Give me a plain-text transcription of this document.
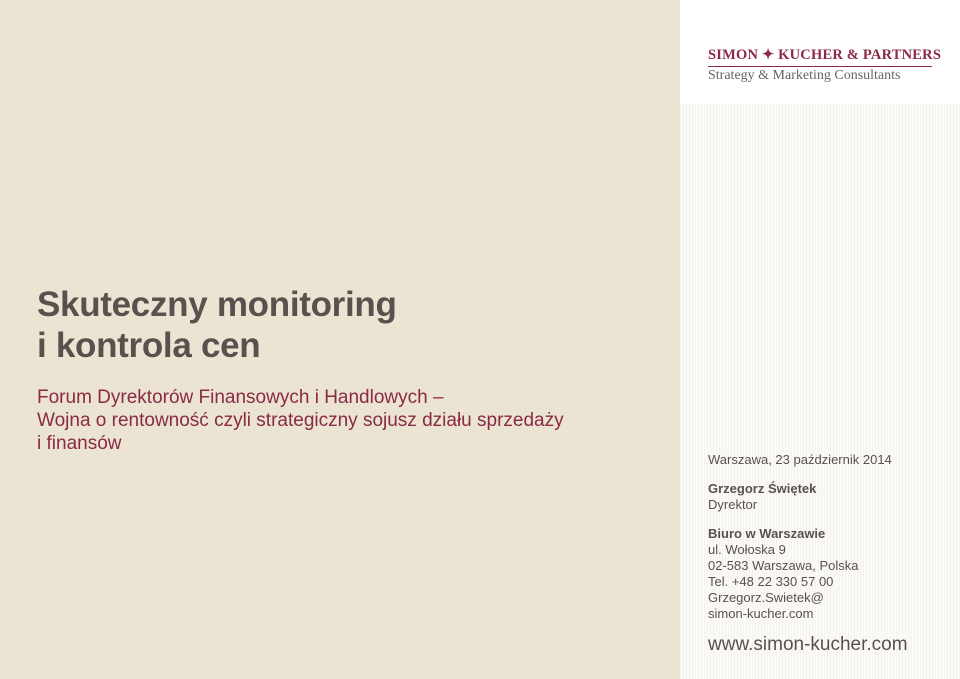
Skuteczny monitoring
i kontrola cen
Forum Dyrektorów Finansowych i Handlowych –
Wojna o rentowność czyli strategiczny sojusz działu sprzedaży
i finansów
SIMON ✦ KUCHER & PARTNERS
Strategy & Marketing Consultants
Warszawa, 23 październik 2014
Grzegorz Świętek
Dyrektor
Biuro w Warszawie
ul. Wołoska 9
02-583 Warszawa, Polska
Tel. +48 22 330 57 00
Grzegorz.Swietek@
simon-kucher.com
www.simon-kucher.com
